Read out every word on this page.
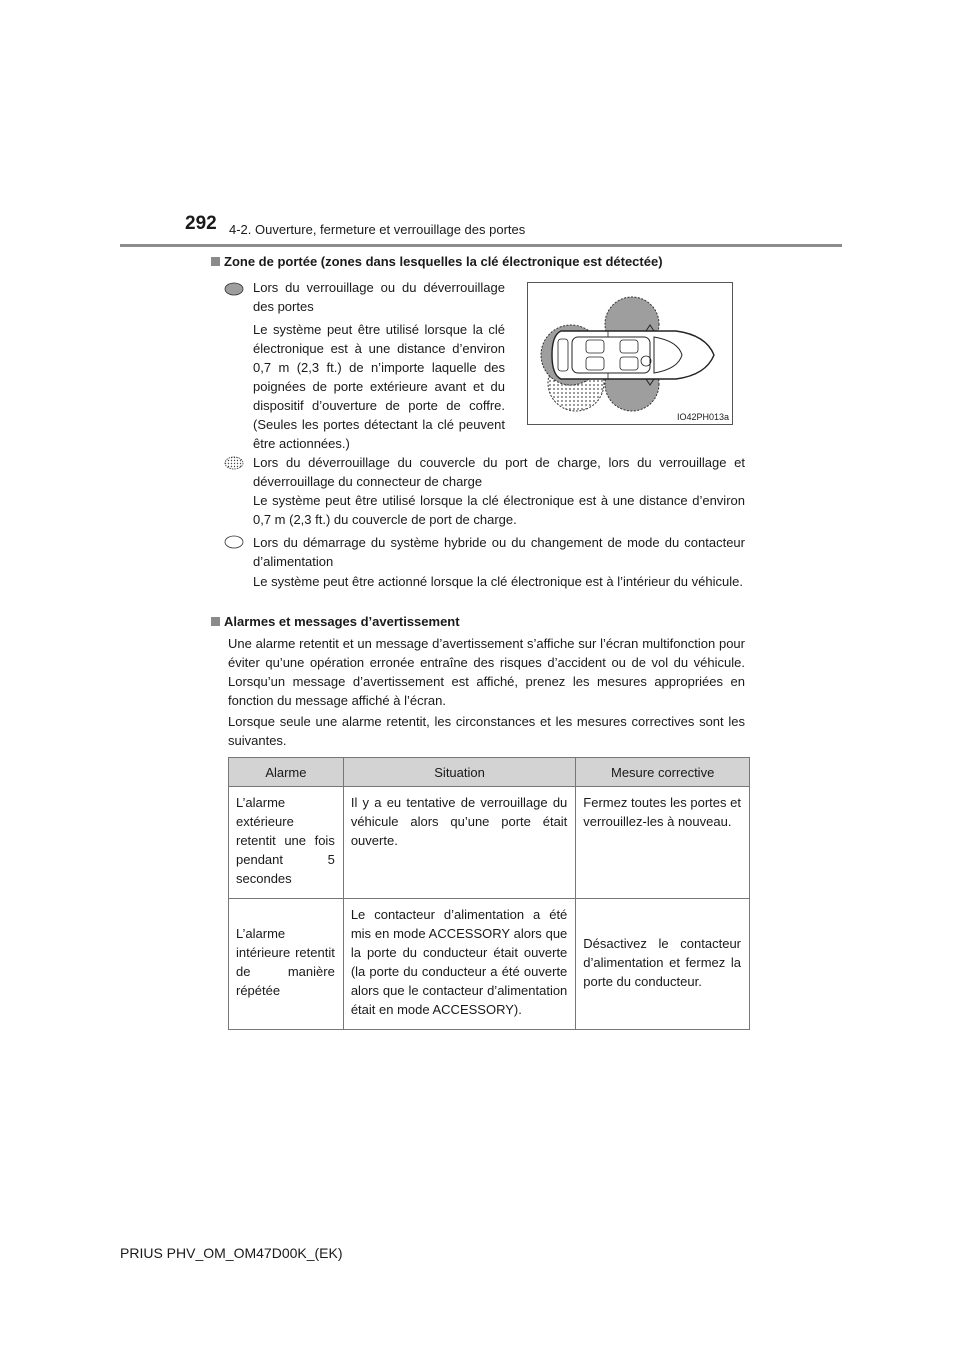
292 4-2. Ouverture, fermeture et verrouillage des portes
Zone de portée (zones dans lesquelles la clé électronique est détectée)

Lors du verrouillage ou du déverrouillage des portes

Le système peut être utilisé lorsque la clé électronique est à une distance d’environ 0,7 m (2,3 ft.) de n’importe laquelle des poignées de porte extérieure avant et du dispositif d’ouverture de porte de coffre. (Seules les portes détectant la clé peuvent être actionnées.)

IO42PH013a

Lors du déverrouillage du couvercle du port de charge, lors du verrouillage et déverrouillage du connecteur de charge

Le système peut être utilisé lorsque la clé électronique est à une distance d’environ 0,7 m (2,3 ft.) du couvercle de port de charge.

Lors du démarrage du système hybride ou du changement de mode du contacteur d’alimentation

Le système peut être actionné lorsque la clé électronique est à l’intérieur du véhicule.

Alarmes et messages d’avertissement

Une alarme retentit et un message d’avertissement s’affiche sur l’écran multifonction pour éviter qu’une opération erronée entraîne des risques d’accident ou de vol du véhicule. Lorsqu’un message d’avertissement est affiché, prenez les mesures appropriées en fonction du message affiché à l’écran.

Lorsque seule une alarme retentit, les circonstances et les mesures correctives sont les suivantes.

Alarme	Situation	Mesure corrective
L’alarme extérieure retentit une fois pendant 5 secondes	Il y a eu tentative de verrouillage du véhicule alors qu’une porte était ouverte.	Fermez toutes les portes et verrouillez-les à nouveau.
L’alarme intérieure retentit de manière répétée	Le contacteur d’alimentation a été mis en mode ACCESSORY alors que la porte du conducteur était ouverte (la porte du conducteur a été ouverte alors que le contacteur d’alimentation était en mode ACCESSORY).	Désactivez le contacteur d’alimentation et fermez la porte du conducteur.
PRIUS PHV_OM_OM47D00K_(EK)
